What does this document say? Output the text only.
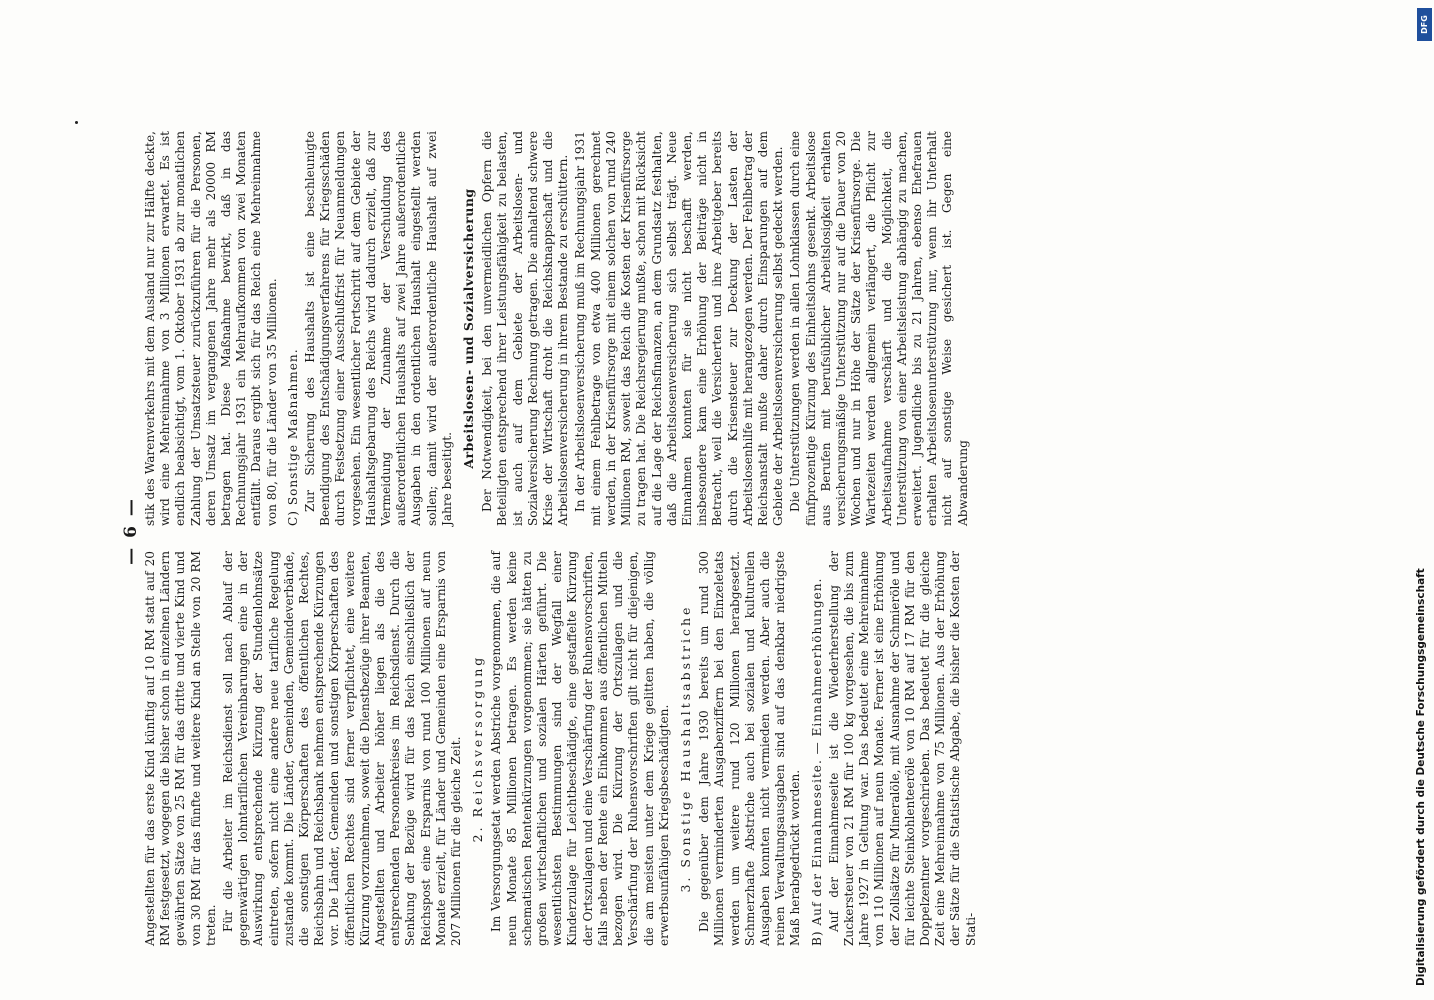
— 6 —

Angestellten für das erste Kind künftig auf 10 RM statt auf 20 RM festgesetzt, wogegen die bisher schon in einzelnen Ländern gewährten Sätze von 25 RM für das dritte und vierte Kind und von 30 RM für das fünfte und weitere Kind an Stelle von 20 RM treten. Für die Arbeiter im Reichsdienst soll nach Ablauf der gegenwärtigen lohntariflichen Vereinbarungen eine in der Auswirkung entsprechende Kürzung der Stundenlohnsätze eintreten, sofern nicht eine andere neue tarifliche Regelung zustande kommt. Die Länder, Gemeinden, Gemeindeverbände, die sonstigen Körperschaften des öffentlichen Rechtes, Reichsbahn und Reichsbank nehmen entsprechende Kürzungen vor. Die Länder, Gemeinden und sonstigen Körperschaften des öffentlichen Rechtes sind ferner verpflichtet, eine weitere Kürzung vorzunehmen, soweit die Dienstbezüge ihrer Beamten, Angestellten und Arbeiter höher liegen als die des entsprechenden Personenkreises im Reichsdienst. Durch die Senkung der Bezüge wird für das Reich einschließlich der Reichspost eine Ersparnis von rund 100 Millionen auf neun Monate erzielt, für Länder und Gemeinden eine Ersparnis von 207 Millionen für die gleiche Zeit. 2. Reichsversorgung Im Versorgungsetat werden Abstriche vorgenommen, die auf neun Monate 85 Millionen betragen. Es werden keine schematischen Rentenkürzungen vorgenommen; sie hätten zu großen wirtschaftlichen und sozialen Härten geführt. Die wesentlichsten Bestimmungen sind der Wegfall einer Kinderzulage für Leichtbeschädigte, eine gestaffelte Kürzung der Ortszulagen und eine Verschärfung der Ruhensvorschriften, falls neben der Rente ein Einkommen aus öffentlichen Mitteln bezogen wird. Die Kürzung der Ortszulagen und die Verschärfung der Ruhensvorschriften gilt nicht für diejenigen, die am meisten unter dem Kriege gelitten haben, die völlig erwerbsunfähigen Kriegsbeschädigten. 3. Sonstige Haushaltsabstriche Die gegenüber dem Jahre 1930 bereits um rund 300 Millionen verminderten Ausgabenziffern bei den Einzeletats werden um weitere rund 120 Millionen herabgesetzt. Schmerzhafte Abstriche auch bei sozialen und kulturellen Ausgaben konnten nicht vermieden werden. Aber auch die reinen Verwaltungsausgaben sind auf das denkbar niedrigste Maß herabgedrückt worden. B) Auf der Einnahmeseite. — Einnahmeerhöhungen. Auf der Einnahmeseite ist die Wiederherstellung der Zuckersteuer von 21 RM für 100 kg vorgesehen, die bis zum Jahre 1927 in Geltung war. Das bedeutet eine Mehreinnahme von 110 Millionen auf neun Monate. Ferner ist eine Erhöhung der Zollsätze für Mineralöle, mit Ausnahme der Schmieröle und für leichte Steinkohlenteeröle von 10 RM auf 17 RM für den Doppelzentner vorgeschrieben. Das bedeutet für die gleiche Zeit eine Mehreinnahme von 75 Millionen. Aus der Erhöhung der Sätze für die Statistische Abgabe, die bisher die Kosten der Stati-

stik des Warenverkehrs mit dem Ausland nur zur Hälfte deckte, wird eine Mehreinnahme von 3 Millionen erwartet. Es ist endlich beabsichtigt, vom 1. Oktober 1931 ab zur monatlichen Zahlung der Umsatzsteuer zurückzuführen für die Personen, deren Umsatz im vergangenen Jahre mehr als 20000 RM betragen hat. Diese Maßnahme bewirkt, daß in das Rechnungsjahr 1931 ein Mehraufkommen von zwei Monaten entfällt. Daraus ergibt sich für das Reich eine Mehreinnahme von 80, für die Länder von 35 Millionen. C) Sonstige Maßnahmen. Zur Sicherung des Haushalts ist eine beschleunigte Beendigung des Entschädigungsverfahrens für Kriegsschäden durch Festsetzung einer Ausschlußfrist für Neuanmeldungen vorgesehen. Ein wesentlicher Fortschritt auf dem Gebiete der Haushaltsgebarung des Reichs wird dadurch erzielt, daß zur Vermeidung der Zunahme der Verschuldung des außerordentlichen Haushalts auf zwei Jahre außerordentliche Ausgaben in den ordentlichen Haushalt eingestellt werden sollen; damit wird der außerordentliche Haushalt auf zwei Jahre beseitigt.

Arbeitslosen- und Sozialversicherung Der Notwendigkeit, bei den unvermeidlichen Opfern die Beteiligten entsprechend ihrer Leistungsfähigkeit zu belasten, ist auch auf dem Gebiete der Arbeitslosen- und Sozialversicherung Rechnung getragen. Die anhaltend schwere Krise der Wirtschaft droht die Reichsknappschaft und die Arbeitslosenversicherung in ihrem Bestande zu erschüttern. In der Arbeitslosenversicherung muß im Rechnungsjahr 1931 mit einem Fehlbetrage von etwa 400 Millionen gerechnet werden, in der Krisenfürsorge mit einem solchen von rund 240 Millionen RM, soweit das Reich die Kosten der Krisenfürsorge zu tragen hat. Die Reichsregierung mußte, schon mit Rücksicht auf die Lage der Reichsfinanzen, an dem Grundsatz festhalten, daß die Arbeitslosenversicherung sich selbst trägt. Neue Einnahmen konnten für sie nicht beschafft werden, insbesondere kam eine Erhöhung der Beiträge nicht in Betracht, weil die Versicherten und ihre Arbeitgeber bereits durch die Krisensteuer zur Deckung der Lasten der Arbeitslosenhilfe mit herangezogen werden. Der Fehlbetrag der Reichsanstalt mußte daher durch Einsparungen auf dem Gebiete der Arbeitslosenversicherung selbst gedeckt werden. Die Unterstützungen werden in allen Lohnklassen durch eine fünfprozentige Kürzung des Einheitslohns gesenkt. Arbeitslose aus Berufen mit berufsüblicher Arbeitslosigkeit erhalten versicherungsmäßige Unterstützung nur auf die Dauer von 20 Wochen und nur in Höhe der Sätze der Krisenfürsorge. Die Wartezeiten werden allgemein verlängert, die Pflicht zur Arbeitsaufnahme verschärft und die Möglichkeit, die Unterstützung von einer Arbeitsleistung abhängig zu machen, erweitert. Jugendliche bis zu 21 Jahren, ebenso Ehefrauen erhalten Arbeitslosenunterstützung nur, wenn ihr Unterhalt nicht auf sonstige Weise gesichert ist. Gegen eine Abwanderung

Digitalisierung gefördert durch die Deutsche Forschungsgemeinschaft
DFG
